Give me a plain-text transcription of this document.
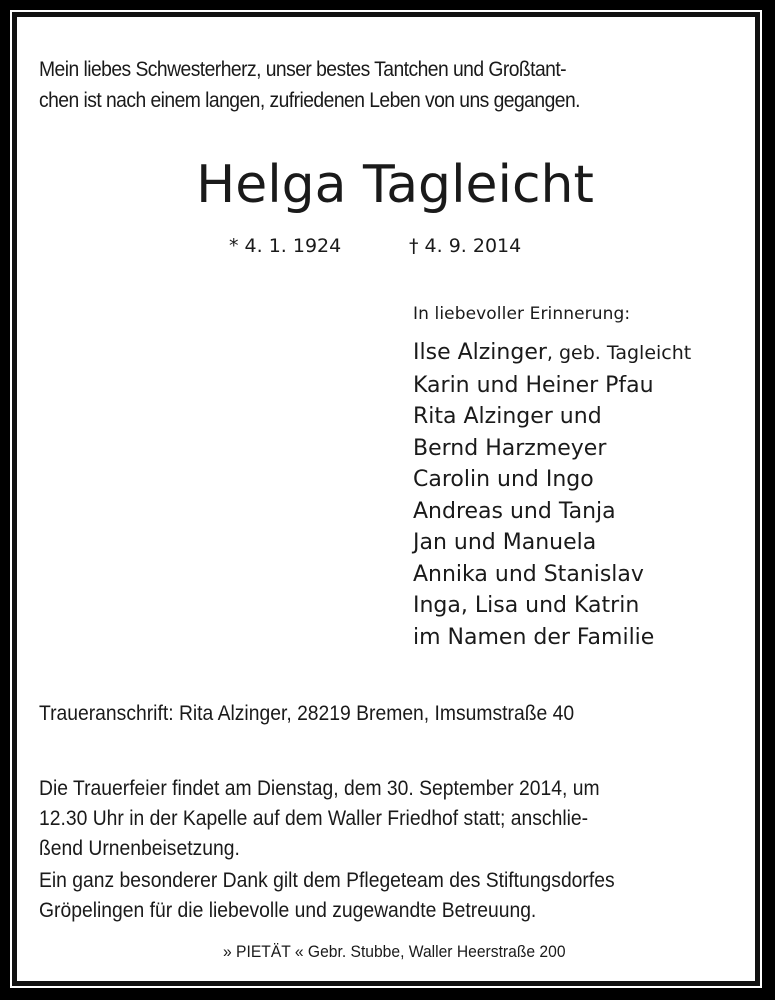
Mein liebes Schwesterherz, unser bestes Tantchen und Großtant-
chen ist nach einem langen, zufriedenen Leben von uns gegangen.
Helga Tagleicht
* 4. 1. 1924	† 4. 9. 2014
In liebevoller Erinnerung:
Ilse Alzinger, geb. Tagleicht
Karin und Heiner Pfau
Rita Alzinger und
Bernd Harzmeyer
Carolin und Ingo
Andreas und Tanja
Jan und Manuela
Annika und Stanislav
Inga, Lisa und Katrin
im Namen der Familie
Traueranschrift: Rita Alzinger, 28219 Bremen, Imsumstraße 40
Die Trauerfeier findet am Dienstag, dem 30. September 2014, um
12.30 Uhr in der Kapelle auf dem Waller Friedhof statt; anschlie-
ßend Urnenbeisetzung.
Ein ganz besonderer Dank gilt dem Pflegeteam des Stiftungsdorfes
Gröpelingen für die liebevolle und zugewandte Betreuung.
» PIETÄT « Gebr. Stubbe, Waller Heerstraße 200
